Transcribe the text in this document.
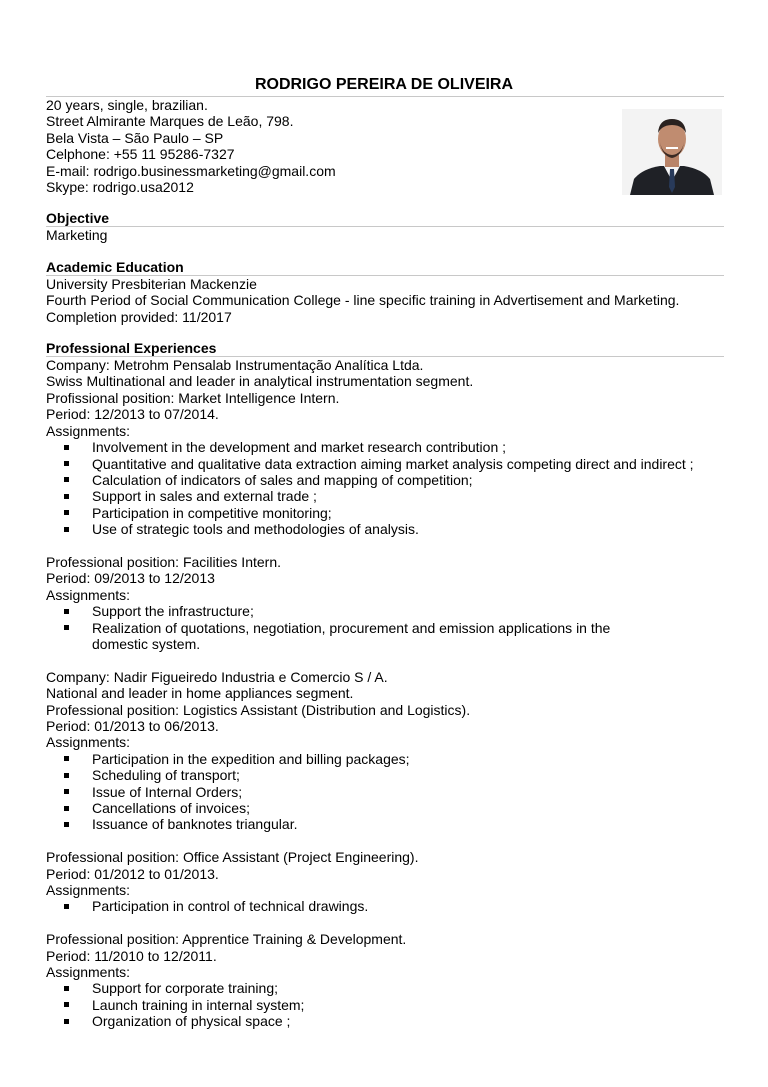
RODRIGO PEREIRA DE OLIVEIRA
20 years, single, brazilian.
Street Almirante Marques de Leão, 798.
Bela Vista – São Paulo – SP
Celphone: +55 11 95286-7327
E-mail: rodrigo.businessmarketing@gmail.com
Skype: rodrigo.usa2012
Objective
Marketing
Academic Education
University Presbiterian Mackenzie
Fourth Period of Social Communication College - line specific training in Advertisement and Marketing.
Completion provided: 11/2017
Professional Experiences
Company: Metrohm Pensalab Instrumentação Analítica Ltda.
Swiss Multinational and leader in analytical instrumentation segment.
Profissional position: Market Intelligence Intern.
Period: 12/2013 to 07/2014.
Assignments:
Involvement in the development and market research contribution ;
Quantitative and qualitative data extraction aiming market analysis competing direct and indirect ;
Calculation of indicators of sales and mapping of competition;
Support in sales and external trade ;
Participation in competitive monitoring;
Use of strategic tools and methodologies of analysis.
Professional position: Facilities Intern.
Period: 09/2013 to 12/2013
Assignments:
Support the infrastructure;
Realization of quotations, negotiation, procurement and emission applications in the domestic system.
Company: Nadir Figueiredo Industria e Comercio S / A.
National and leader in home appliances segment.
Professional position: Logistics Assistant (Distribution and Logistics).
Period: 01/2013 to 06/2013.
Assignments:
Participation in the expedition and billing packages;
Scheduling of transport;
Issue of Internal Orders;
Cancellations of invoices;
Issuance of banknotes triangular.
Professional position: Office Assistant (Project Engineering).
Period: 01/2012 to 01/2013.
Assignments:
Participation in control of technical drawings.
Professional position: Apprentice Training & Development.
Period: 11/2010 to 12/2011.
Assignments:
Support for corporate training;
Launch training in internal system;
Organization of physical space ;
